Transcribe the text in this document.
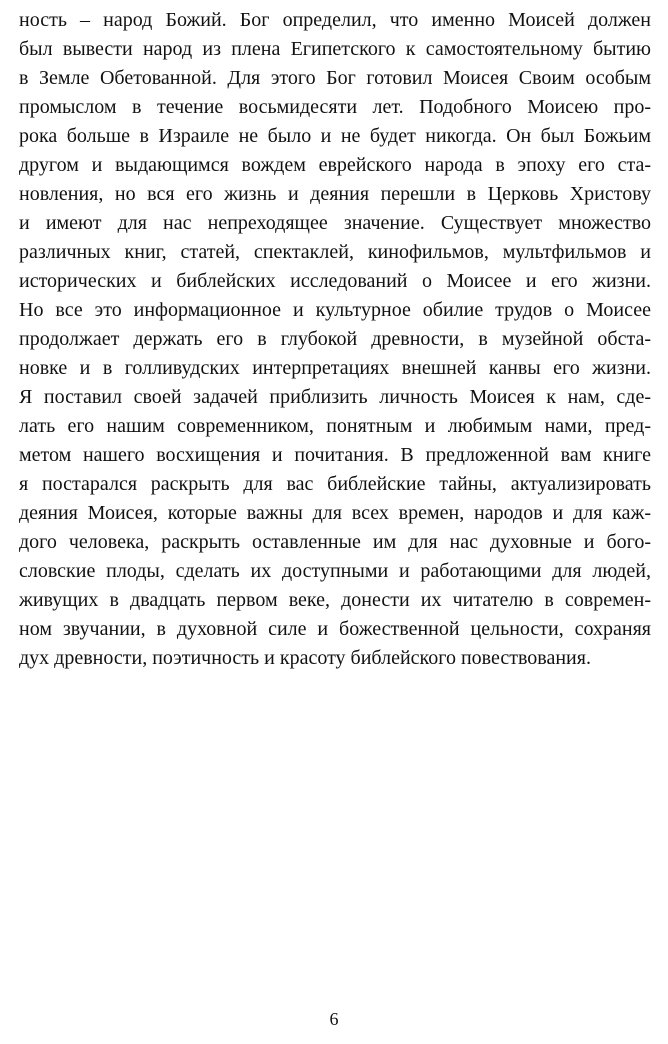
ность – народ Божий. Бог определил, что именно Моисей должен
был вывести народ из плена Египетского к самостоятельному бытию
в Земле Обетованной. Для этого Бог готовил Моисея Своим особым
промыслом в течение восьмидесяти лет. Подобного Моисею про-
рока больше в Израиле не было и не будет никогда. Он был Божьим
другом и выдающимся вождем еврейского народа в эпоху его ста-
новления, но вся его жизнь и деяния перешли в Церковь Христову
и имеют для нас непреходящее значение. Существует множество
различных книг, статей, спектаклей, кинофильмов, мультфильмов и
исторических и библейских исследований о Моисее и его жизни.
Но все это информационное и культурное обилие трудов о Моисее
продолжает держать его в глубокой древности, в музейной обста-
новке и в голливудских интерпретациях внешней канвы его жизни.
Я поставил своей задачей приблизить личность Моисея к нам, сде-
лать его нашим современником, понятным и любимым нами, пред-
метом нашего восхищения и почитания. В предложенной вам книге
я постарался раскрыть для вас библейские тайны, актуализировать
деяния Моисея, которые важны для всех времен, народов и для каж-
дого человека, раскрыть оставленные им для нас духовные и бого-
словские плоды, сделать их доступными и работающими для людей,
живущих в двадцать первом веке, донести их читателю в современ-
ном звучании, в духовной силе и божественной цельности, сохраняя
дух древности, поэтичность и красоту библейского повествования.
6
